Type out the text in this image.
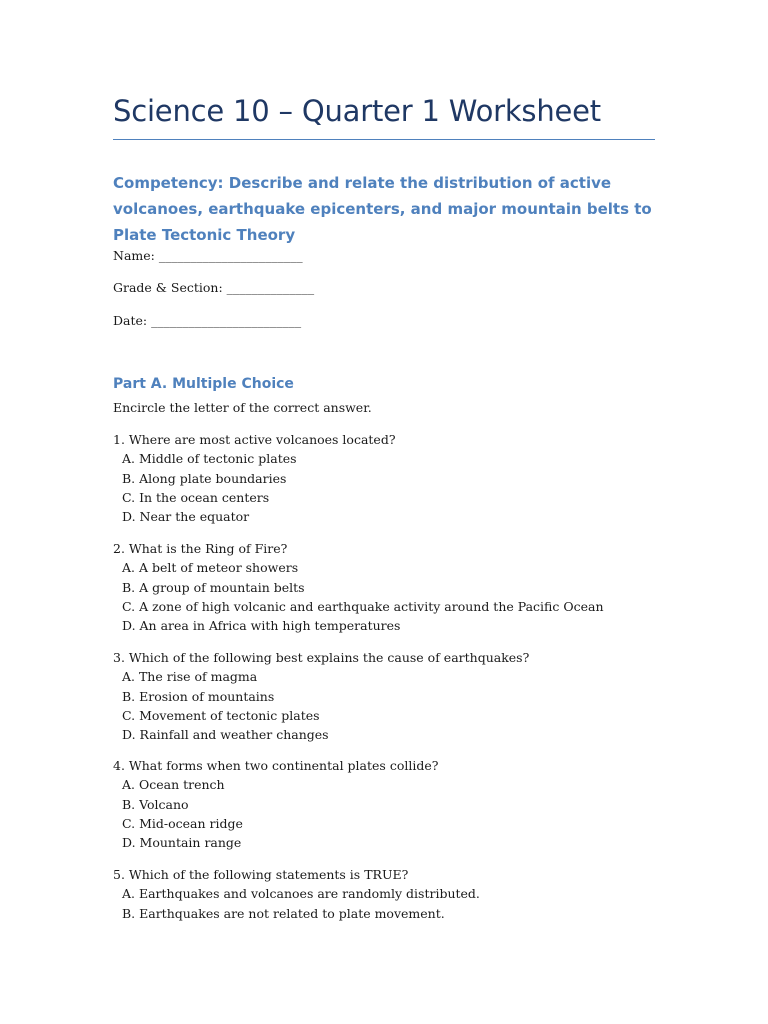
Science 10 – Quarter 1 Worksheet
Competency: Describe and relate the distribution of active volcanoes, earthquake epicenters, and major mountain belts to Plate Tectonic Theory
Name: _______________________
Grade & Section: ______________
Date: ________________________
Part A. Multiple Choice
Encircle the letter of the correct answer.
1. Where are most active volcanoes located?
A. Middle of tectonic plates
B. Along plate boundaries
C. In the ocean centers
D. Near the equator
2. What is the Ring of Fire?
A. A belt of meteor showers
B. A group of mountain belts
C. A zone of high volcanic and earthquake activity around the Pacific Ocean
D. An area in Africa with high temperatures
3. Which of the following best explains the cause of earthquakes?
A. The rise of magma
B. Erosion of mountains
C. Movement of tectonic plates
D. Rainfall and weather changes
4. What forms when two continental plates collide?
A. Ocean trench
B. Volcano
C. Mid-ocean ridge
D. Mountain range
5. Which of the following statements is TRUE?
A. Earthquakes and volcanoes are randomly distributed.
B. Earthquakes are not related to plate movement.
